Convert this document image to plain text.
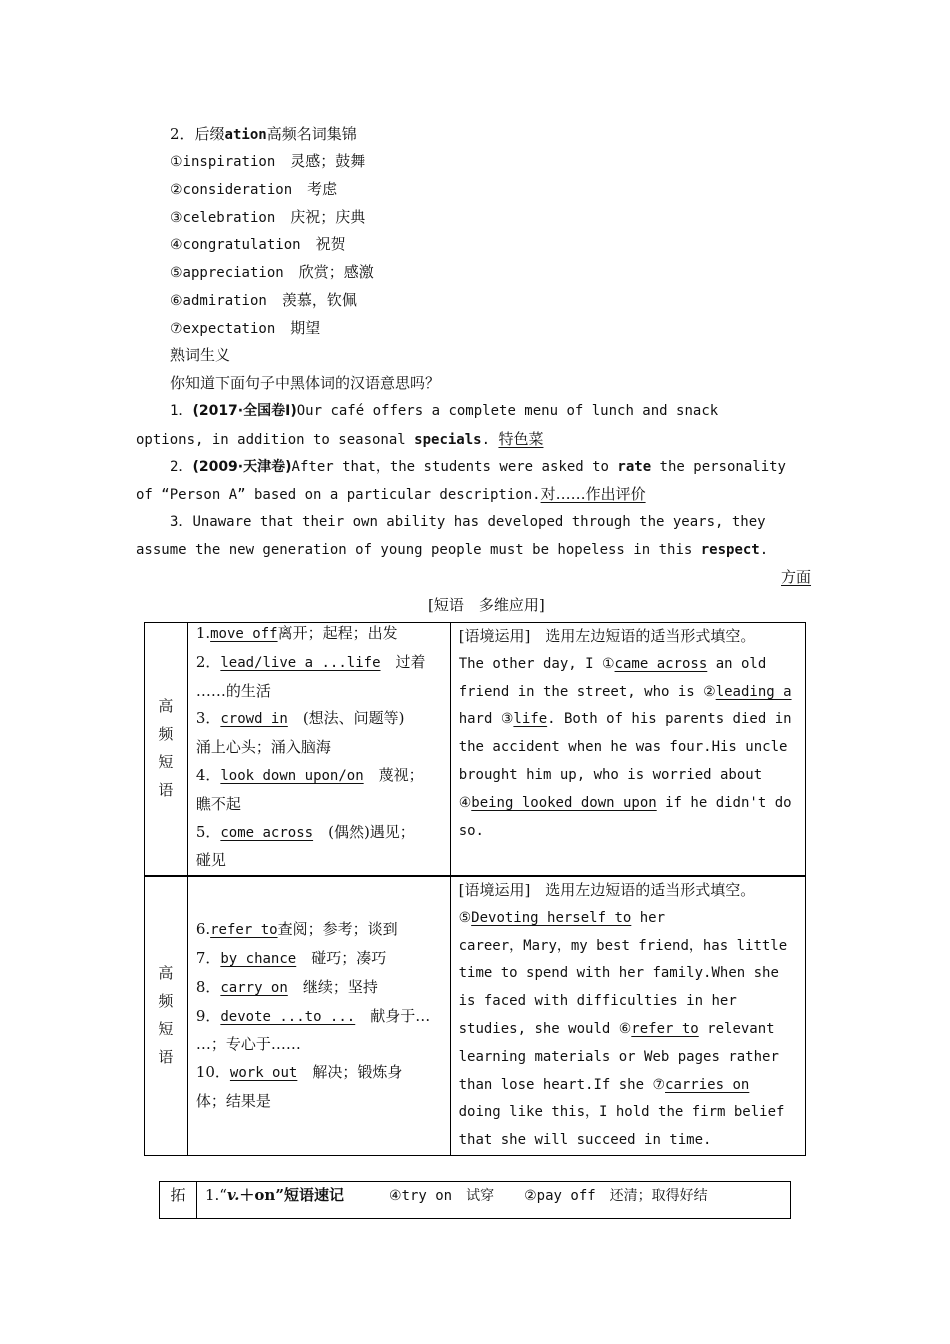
2．后缀ation高频名词集锦
①inspiration　 灵感；鼓舞
②consideration　 考虑
③celebration　 庆祝；庆典
④congratulation　 祝贺
⑤appreciation　 欣赏；感激
⑥admiration　 羡慕，钦佩
⑦expectation　 期望
熟词生义
你知道下面句子中黑体词的汉语意思吗？
1．(2017·全国卷Ⅰ)Our café offers a complete menu of lunch and snack
options, in addition to seasonal specials. 特色菜
2．(2009·天津卷)After that，the students were asked to rate the personality
of “Person A” based on a particular description.对……作出评价
3．Unaware that their own ability has developed through the years, they
assume the new generation of young people must be hopeless in this respect.
方面
[短语　多维应用]
高
频
短
语

1.move off离开；起程；出发
2．lead/live a ...life　 过着
……的生活
3．crowd in　 (想法、问题等)
涌上心头；涌入脑海
4．look down upon/on　 蔑视；
瞧不起
5．come across　 (偶然)遇见；
碰见

[语境运用]　选用左边短语的适当形式填空。
The other day, I ①came across an old
friend in the street, who is ②leading a
hard ③life. Both of his parents died in
the accident when he was four.His uncle
brought him up, who is worried about
④being looked down upon if he didn't do
so.
高
频
短
语

6.refer to查阅；参考；谈到
7．by chance　 碰巧；凑巧
8．carry on　 继续；坚持
9．devote ...to ...　 献身于…
…；专心于……
10．work out　 解决；锻炼身
体；结果是

[语境运用]　选用左边短语的适当形式填空。
⑤Devoting herself to her
career，Mary，my best friend，has little
time to spend with her family.When she
is faced with difficulties in her
studies, she would ⑥refer to relevant
learning materials or Web pages rather
than lose heart.If she ⑦carries on
doing like this，I hold the firm belief
that she will succeed in time.
拓	1.“v.＋on”短语速记　　　	④try on　试穿　　 ②pay off　还清；取得好结
